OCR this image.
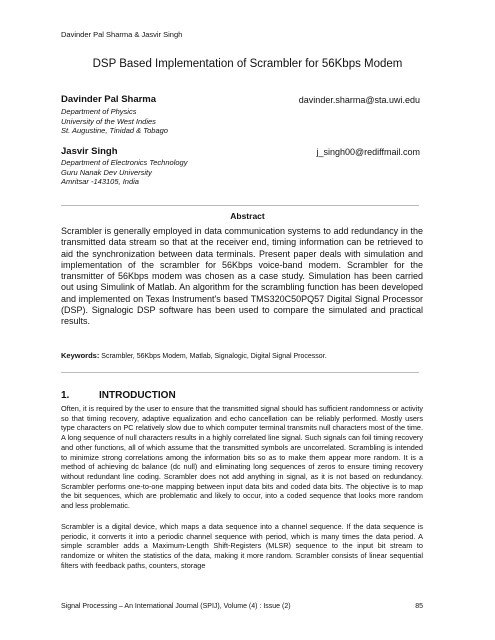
Davinder Pal Sharma & Jasvir Singh
DSP Based Implementation of Scrambler for 56Kbps Modem
Davinder Pal Sharma	davinder.sharma@sta.uwi.edu
Department of Physics
University of the West Indies
St. Augustine, Tinidad & Tobago
Jasvir Singh	j_singh00@rediffmail.com
Department of Electronics Technology
Guru Nanak Dev University
Amritsar -143105, India
Abstract
Scrambler is generally employed in data communication systems to add redundancy in the transmitted data stream so that at the receiver end, timing information can be retrieved to aid the synchronization between data terminals. Present paper deals with simulation and implementation of the scrambler for 56Kbps voice-band modem. Scrambler for the transmitter of 56Kbps modem was chosen as a case study. Simulation has been carried out using Simulink of Matlab. An algorithm for the scrambling function has been developed and implemented on Texas Instrument's based TMS320C50PQ57 Digital Signal Processor (DSP). Signalogic DSP software has been used to compare the simulated and practical results.
Keywords: Scrambler, 56Kbps Modem, Matlab, Signalogic, Digital Signal Processor.
1.	INTRODUCTION
Often, it is required by the user to ensure that the transmitted signal should has sufficient randomness or activity so that timing recovery, adaptive equalization and echo cancellation can be reliably performed. Mostly users type characters on PC relatively slow due to which computer terminal transmits null characters most of the time. A long sequence of null characters results in a highly correlated line signal. Such signals can foil timing recovery and other functions, all of which assume that the transmitted symbols are uncorrelated. Scrambling is intended to minimize strong correlations among the information bits so as to make them appear more random. It is a method of achieving dc balance (dc null) and eliminating long sequences of zeros to ensure timing recovery without redundant line coding. Scrambler does not add anything in signal, as it is not based on redundancy. Scrambler performs one-to-one mapping between input data bits and coded data bits. The objective is to map the bit sequences, which are problematic and likely to occur, into a coded sequence that looks more random and less problematic.
Scrambler is a digital device, which maps a data sequence into a channel sequence. If the data sequence is periodic, it converts it into a periodic channel sequence with period, which is many times the data period. A simple scrambler adds a Maximum-Length Shift-Registers (MLSR) sequence to the input bit stream to randomize or whiten the statistics of the data, making it more random. Scrambler consists of linear sequential filters with feedback paths, counters, storage
Signal Processing – An International Journal (SPIJ), Volume (4) : Issue (2)	85
